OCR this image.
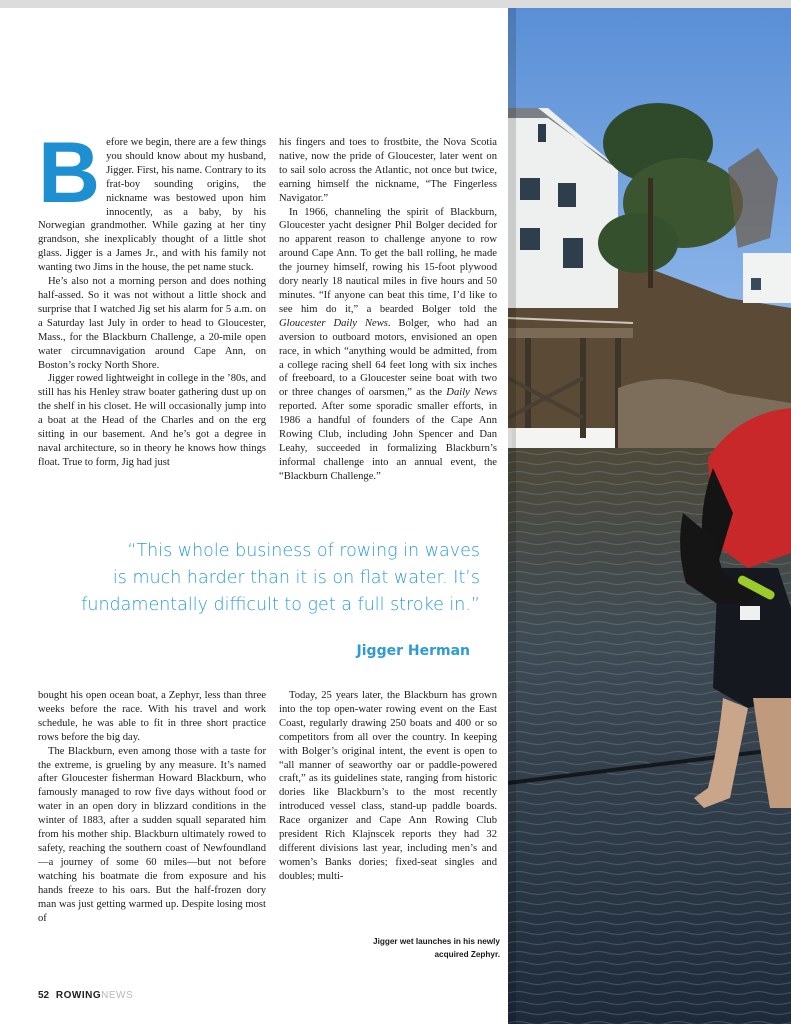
Before we begin, there are a few things you should know about my husband, Jigger. First, his name. Contrary to its frat-boy sounding origins, the nickname was bestowed upon him innocently, as a baby, by his Norwegian grandmother. While gazing at her tiny grandson, she inexplicably thought of a little shot glass. Jigger is a James Jr., and with his family not wanting two Jims in the house, the pet name stuck.

He’s also not a morning person and does nothing half-assed. So it was not without a little shock and surprise that I watched Jig set his alarm for 5 a.m. on a Saturday last July in order to head to Gloucester, Mass., for the Blackburn Challenge, a 20-mile open water circumnavigation around Cape Ann, on Boston’s rocky North Shore.

Jigger rowed lightweight in college in the ’80s, and still has his Henley straw boater gathering dust up on the shelf in his closet. He will occasionally jump into a boat at the Head of the Charles and on the erg sitting in our basement. And he’s got a degree in naval architecture, so in theory he knows how things float. True to form, Jig had just

his fingers and toes to frostbite, the Nova Scotia native, now the pride of Gloucester, later went on to sail solo across the Atlantic, not once but twice, earning himself the nickname, “The Fingerless Navigator.”

In 1966, channeling the spirit of Blackburn, Gloucester yacht designer Phil Bolger decided for no apparent reason to challenge anyone to row around Cape Ann. To get the ball rolling, he made the journey himself, rowing his 15-foot plywood dory nearly 18 nautical miles in five hours and 50 minutes. “If anyone can beat this time, I’d like to see him do it,” a bearded Bolger told the Gloucester Daily News. Bolger, who had an aversion to outboard motors, envisioned an open race, in which “anything would be admitted, from a college racing shell 64 feet long with six inches of freeboard, to a Gloucester seine boat with two or three changes of oarsmen,” as the Daily News reported. After some sporadic smaller efforts, in 1986 a handful of founders of the Cape Ann Rowing Club, including John Spencer and Dan Leahy, succeeded in formalizing Blackburn’s informal challenge into an annual event, the “Blackburn Challenge.”

“This whole business of rowing in waves
is much harder than it is on flat water. It’s
fundamentally difficult to get a full stroke in.”
Jigger Herman

bought his open ocean boat, a Zephyr, less than three weeks before the race. With his travel and work schedule, he was able to fit in three short practice rows before the big day.

The Blackburn, even among those with a taste for the extreme, is grueling by any measure. It’s named after Gloucester fisherman Howard Blackburn, who famously managed to row five days without food or water in an open dory in blizzard conditions in the winter of 1883, after a sudden squall separated him from his mother ship. Blackburn ultimately rowed to safety, reaching the southern coast of Newfoundland—a journey of some 60 miles—but not before watching his boatmate die from exposure and his hands freeze to his oars. But the half-frozen dory man was just getting warmed up. Despite losing most of

Today, 25 years later, the Blackburn has grown into the top open-water rowing event on the East Coast, regularly drawing 250 boats and 400 or so competitors from all over the country. In keeping with Bolger’s original intent, the event is open to “all manner of seaworthy oar or paddle-powered craft,” as its guidelines state, ranging from historic dories like Blackburn’s to the most recently introduced vessel class, stand-up paddle boards. Race organizer and Cape Ann Rowing Club president Rich Klajnscek reports they had 32 different divisions last year, including men’s and women’s Banks dories; fixed-seat singles and doubles; multi-

Jigger wet launches in his newly
acquired Zephyr.
52 ROWINGNEWS
